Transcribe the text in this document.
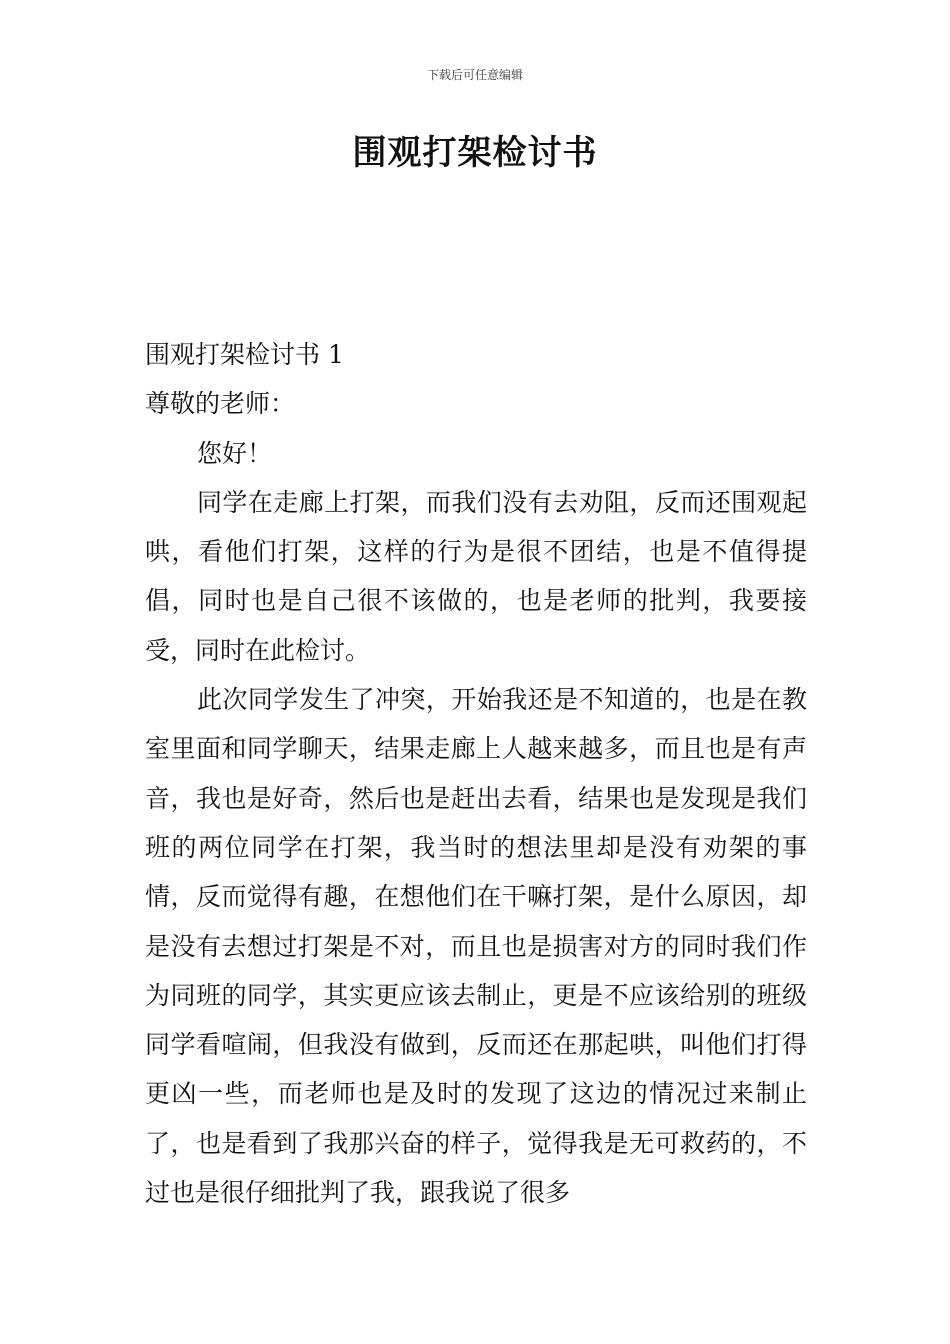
下载后可任意编辑
围观打架检讨书

围观打架检讨书 1

尊敬的老师：

您好！

同学在走廊上打架，而我们没有去劝阻，反而还围观起哄，看他们打架，这样的行为是很不团结，也是不值得提倡，同时也是自己很不该做的，也是老师的批判，我要接受，同时在此检讨。

此次同学发生了冲突，开始我还是不知道的，也是在教室里面和同学聊天，结果走廊上人越来越多，而且也是有声音，我也是好奇，然后也是赶出去看，结果也是发现是我们班的两位同学在打架，我当时的想法里却是没有劝架的事情，反而觉得有趣，在想他们在干嘛打架，是什么原因，却是没有去想过打架是不对，而且也是损害对方的同时我们作为同班的同学，其实更应该去制止，更是不应该给别的班级同学看喧闹，但我没有做到，反而还在那起哄，叫他们打得更凶一些，而老师也是及时的发现了这边的情况过来制止了，也是看到了我那兴奋的样子，觉得我是无可救药的，不过也是很仔细批判了我，跟我说了很多
